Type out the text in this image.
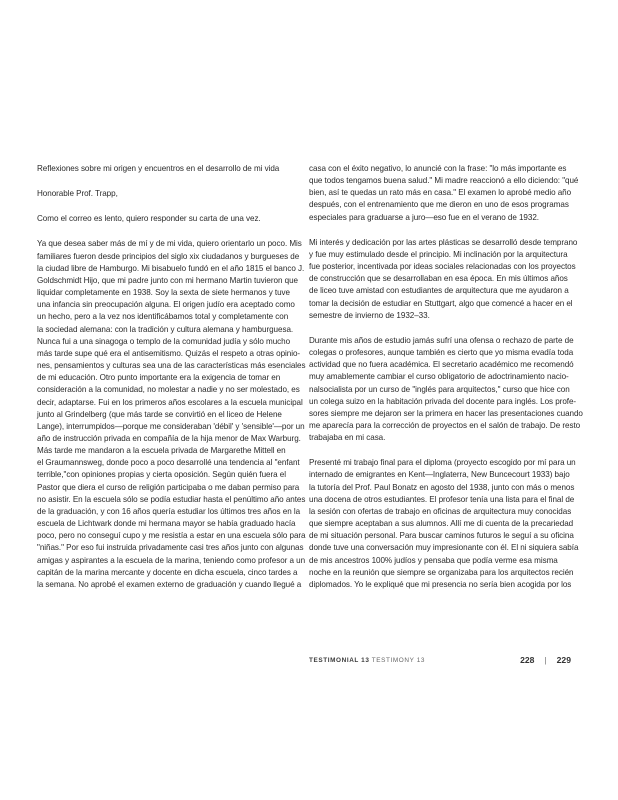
Reflexiones sobre mi origen y encuentros en el desarrollo de mi vida

Honorable Prof. Trapp,

Como el correo es lento, quiero responder su carta de una vez.

Ya que desea saber más de mí y de mi vida, quiero orientarlo un poco. Mis
familiares fueron desde principios del siglo xix ciudadanos y burgueses de
la ciudad libre de Hamburgo. Mi bisabuelo fundó en el año 1815 el banco J.
Goldschmidt Hijo, que mi padre junto con mi hermano Martin tuvieron que
liquidar completamente en 1938. Soy la sexta de siete hermanos y tuve
una infancia sin preocupación alguna. El origen judío era aceptado como
un hecho, pero a la vez nos identificábamos total y completamente con
la sociedad alemana: con la tradición y cultura alemana y hamburguesa.
Nunca fui a una sinagoga o templo de la comunidad judía y sólo mucho
más tarde supe qué era el antisemitismo. Quizás el respeto a otras opinio-
nes, pensamientos y culturas sea una de las características más esenciales
de mi educación. Otro punto importante era la exigencia de tomar en
consideración a la comunidad, no molestar a nadie y no ser molestado, es
decir, adaptarse. Fui en los primeros años escolares a la escuela municipal
junto al Grindelberg (que más tarde se convirtió en el liceo de Helene
Lange), interrumpidos—porque me consideraban 'débil' y 'sensible'—por un
año de instrucción privada en compañía de la hija menor de Max Warburg.
Más tarde me mandaron a la escuela privada de Margarethe Mittell en
el Graumannsweg, donde poco a poco desarrollé una tendencia al "enfant
terrible,"con opiniones propias y cierta oposición. Según quién fuera el
Pastor que diera el curso de religión participaba o me daban permiso para
no asistir. En la escuela sólo se podía estudiar hasta el penúltimo año antes
de la graduación, y con 16 años quería estudiar los últimos tres años en la
escuela de Lichtwark donde mi hermana mayor se había graduado hacía
poco, pero no conseguí cupo y me resistía a estar en una escuela sólo para
"niñas." Por eso fui instruida privadamente casi tres años junto con algunas
amigas y aspirantes a la escuela de la marina, teniendo como profesor a un
capitán de la marina mercante y docente en dicha escuela, cinco tardes a
la semana. No aprobé el examen externo de graduación y cuando llegué a
casa con el éxito negativo, lo anuncié con la frase: "lo más importante es
que todos tengamos buena salud." Mi madre reaccionó a ello diciendo: "qué
bien, así te quedas un rato más en casa." El examen lo aprobé medio año
después, con el entrenamiento que me dieron en uno de esos programas
especiales para graduarse a juro—eso fue en el verano de 1932.
Mi interés y dedicación por las artes plásticas se desarrolló desde temprano
y fue muy estimulado desde el principio. Mi inclinación por la arquitectura
fue posterior, incentivada por ideas sociales relacionadas con los proyectos
de construcción que se desarrollaban en esa época. En mis últimos años
de liceo tuve amistad con estudiantes de arquitectura que me ayudaron a
tomar la decisión de estudiar en Stuttgart, algo que comencé a hacer en el
semestre de invierno de 1932–33.
Durante mis años de estudio jamás sufrí una ofensa o rechazo de parte de
colegas o profesores, aunque también es cierto que yo misma evadía toda
actividad que no fuera académica. El secretario académico me recomendó
muy amablemente cambiar el curso obligatorio de adoctrinamiento nacio-
nalsocialista por un curso de "inglés para arquitectos," curso que hice con
un colega suizo en la habitación privada del docente para inglés. Los profe-
sores siempre me dejaron ser la primera en hacer las presentaciones cuando
me aparecía para la corrección de proyectos en el salón de trabajo. De resto
trabajaba en mi casa.
Presenté mi trabajo final para el diploma (proyecto escogido por mí para un
internado de emigrantes en Kent—Inglaterra, New Buncecourt 1933) bajo
la tutoría del Prof. Paul Bonatz en agosto del 1938, junto con más o menos
una docena de otros estudiantes. El profesor tenía una lista para el final de
la sesión con ofertas de trabajo en oficinas de arquitectura muy conocidas
que siempre aceptaban a sus alumnos. Allí me di cuenta de la precariedad
de mi situación personal. Para buscar caminos futuros le seguí a su oficina
donde tuve una conversación muy impresionante con él. El ni siquiera sabía
de mis ancestros 100% judíos y pensaba que podía verme esa misma
noche en la reunión que siempre se organizaba para los arquitectos recién
diplomados. Yo le expliqué que mi presencia no sería bien acogida por los
TESTIMONIAL 13 TESTIMONY 13	228 | 229
